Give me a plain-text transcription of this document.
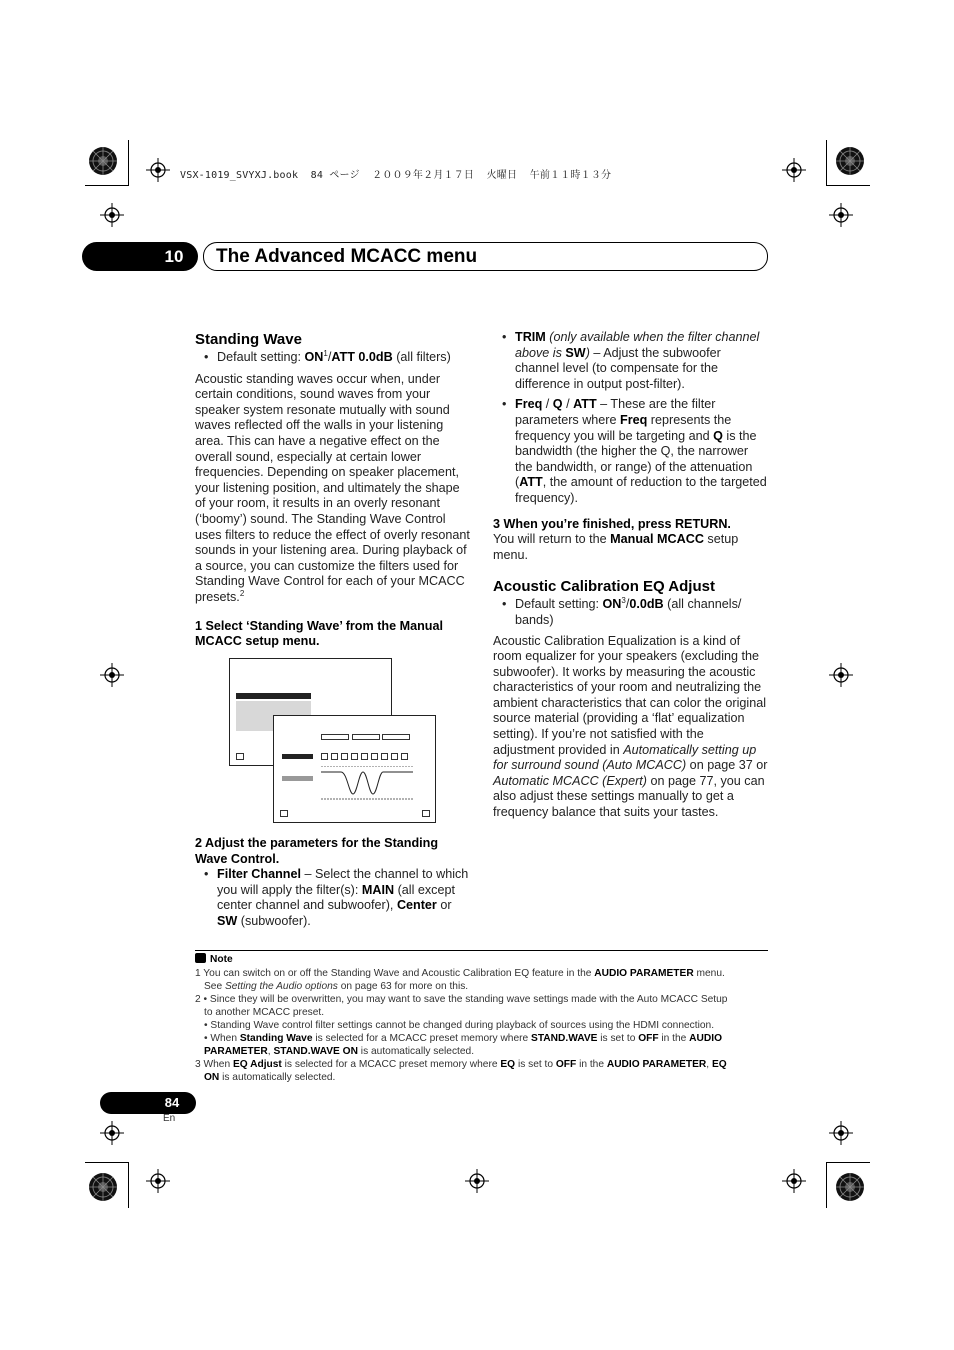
VSX-1019_SVYXJ.book  84 ページ  ２００９年２月１７日  火曜日  午前１１時１３分
10	The Advanced MCACC menu
Standing Wave

• Default setting: $ON^1$/ATT 0.0dB (all filters)

Acoustic standing waves occur when, under certain conditions, sound waves from your speaker system resonate mutually with sound waves reflected off the walls in your listening area. This can have a negative effect on the overall sound, especially at certain lower frequencies. Depending on speaker placement, your listening position, and ultimately the shape of your room, it results in an overly resonant (‘boomy’) sound. The Standing Wave Control uses filters to reduce the effect of overly resonant sounds in your listening area. During playback of a source, you can customize the filters used for Standing Wave Control for each of your MCACC presets.$^2$

1 Select ‘Standing Wave’ from the Manual MCACC setup menu.

2 Adjust the parameters for the Standing Wave Control.

• Filter Channel – Select the channel to which you will apply the filter(s): MAIN (all except center channel and subwoofer), Center or SW (subwoofer).

• TRIM (only available when the filter channel above is SW) – Adjust the subwoofer channel level (to compensate for the difference in output post-filter).

• Freq / Q / ATT – These are the filter parameters where Freq represents the frequency you will be targeting and Q is the bandwidth (the higher the Q, the narrower the bandwidth, or range) of the attenuation (ATT, the amount of reduction to the targeted frequency).

3 When you’re finished, press RETURN.

You will return to the Manual MCACC setup menu.

Acoustic Calibration EQ Adjust

• Default setting: $ON^3/0.0dB$ (all channels/ bands)

Acoustic Calibration Equalization is a kind of room equalizer for your speakers (excluding the subwoofer). It works by measuring the acoustic characteristics of your room and neutralizing the ambient characteristics that can color the original source material (providing a ‘flat’ equalization setting). If you’re not satisfied with the adjustment provided in Automatically setting up for surround sound (Auto MCACC) on page 37 or Automatic MCACC (Expert) on page 77, you can also adjust these settings manually to get a frequency balance that suits your tastes.

Note

1 You can switch on or off the Standing Wave and Acoustic Calibration EQ feature in the AUDIO PARAMETER menu.

See Setting the Audio options on page 63 for more on this.

2 • Since they will be overwritten, you may want to save the standing wave settings made with the Auto MCACC Setup

to another MCACC preset.

• Standing Wave control filter settings cannot be changed during playback of sources using the HDMI connection.

• When Standing Wave is selected for a MCACC preset memory where STAND.WAVE is set to OFF in the AUDIO

PARAMETER, STAND.WAVE ON is automatically selected.

3 When EQ Adjust is selected for a MCACC preset memory where EQ is set to OFF in the AUDIO PARAMETER, EQ

ON is automatically selected.

84
En
